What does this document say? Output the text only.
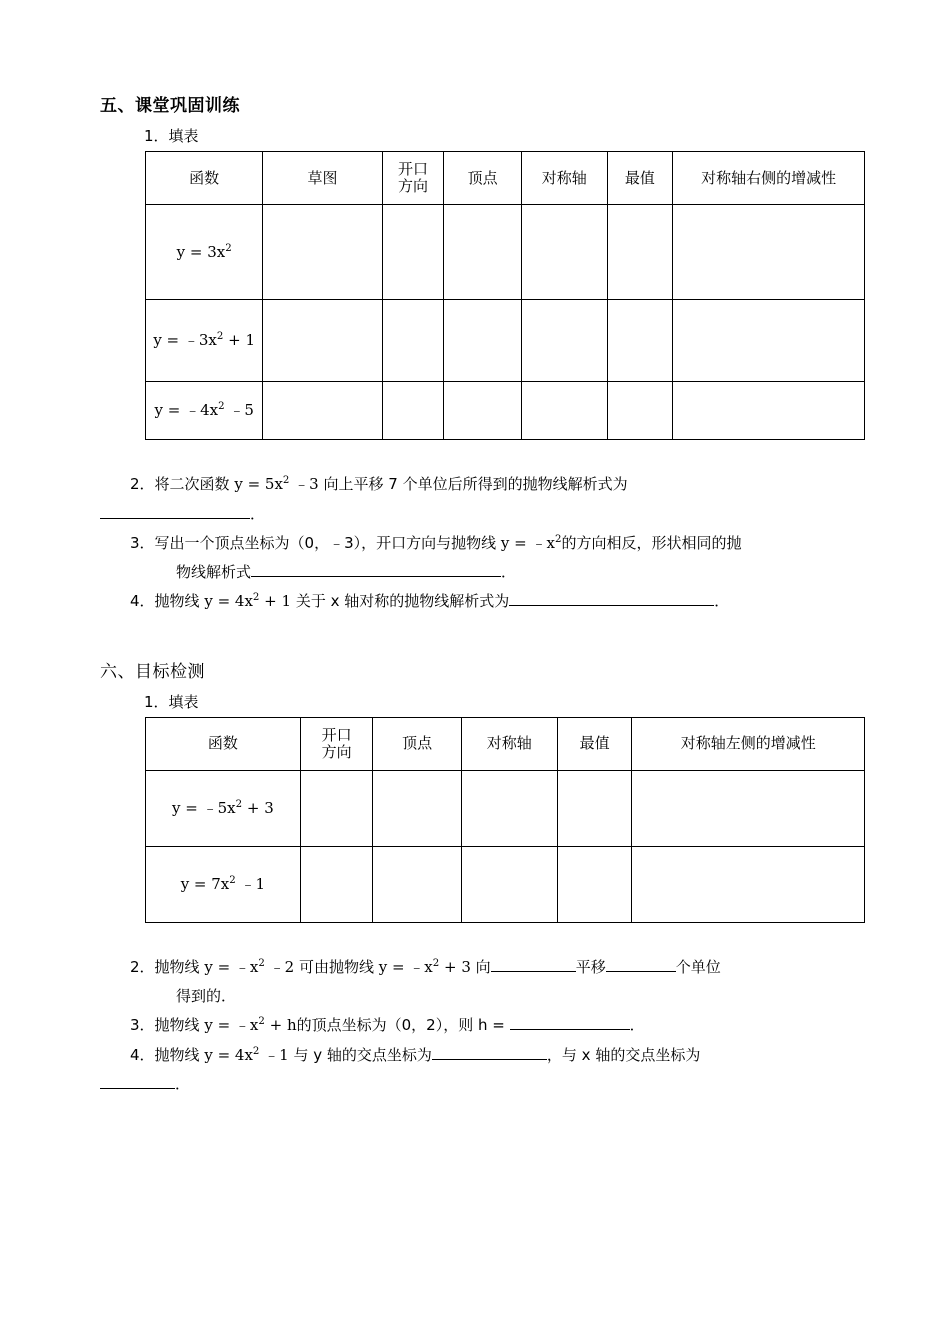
五、课堂巩固训练
1．填表
函数	草图	开口
方向	顶点	对称轴	最值	对称轴右侧的增减性
$y = 3x^2$						
$y = ﹣3x^2 + 1$						
$y = ﹣4x^2$ ﹣5						
2．将二次函数 $y = 5x^2$ ﹣3 向上平移 7 个单位后所得到的抛物线解析式为
．
3．写出一个顶点坐标为（0，﹣3），开口方向与抛物线 $y = ﹣x^2$的方向相反，形状相同的抛
物线解析式	．
4．抛物线 $y = 4x^2 + 1$ 关于 x 轴对称的抛物线解析式为	．
六、目标检测
1．填表
函数	开口
方向	顶点	对称轴	最值	对称轴左侧的增减性
$y = ﹣5x^2 + 3$					
$y = 7x^2$ ﹣1					
2．抛物线 $y = ﹣x^2$ ﹣2 可由抛物线 $y = ﹣x^2 + 3$ 向	平移	个单位
得到的．
3．抛物线 $y = ﹣x^2 + h$的顶点坐标为（0，2），则 h =	．
4．抛物线 $y = 4x^2$ ﹣1 与 y 轴的交点坐标为	，与 x 轴的交点坐标为
．
